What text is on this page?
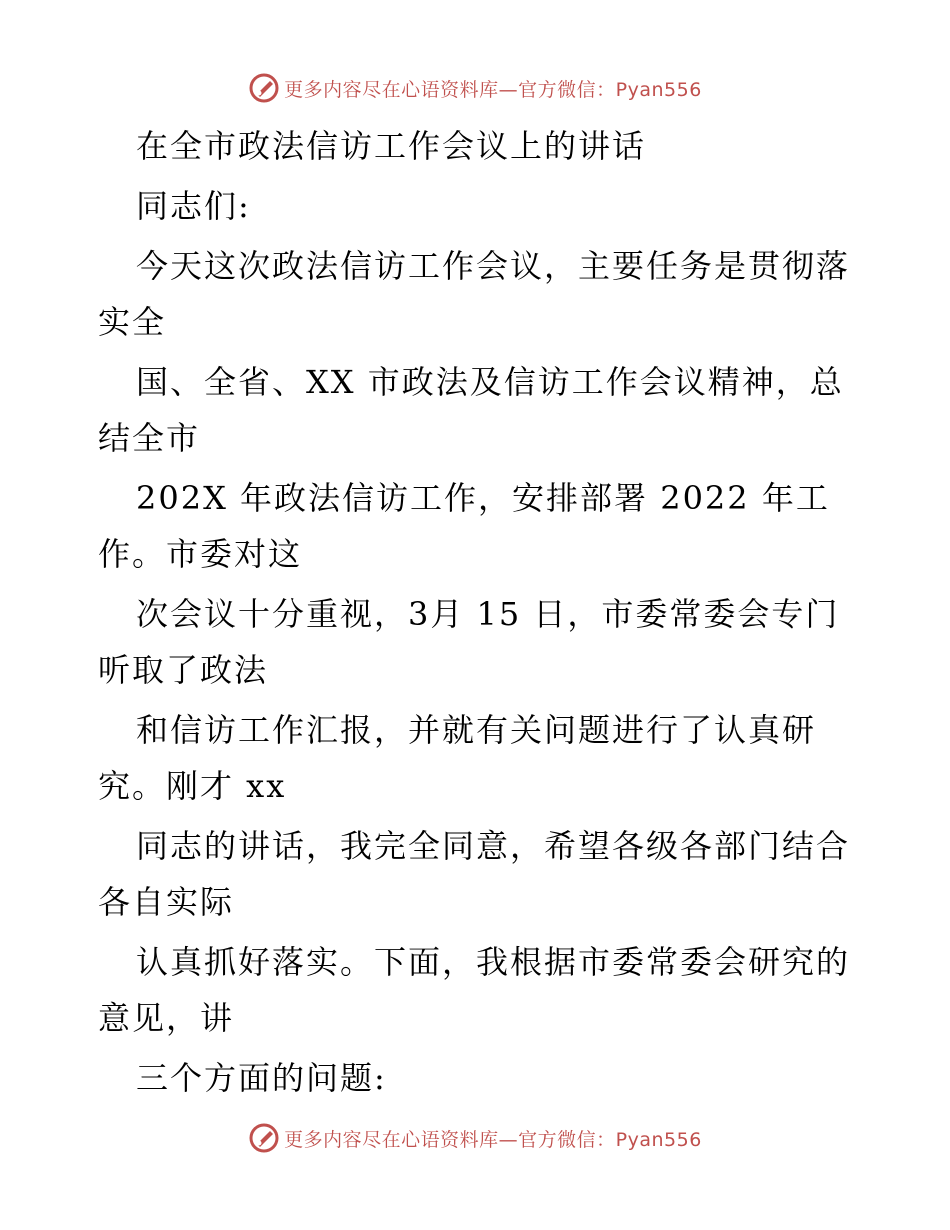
更多内容尽在心语资料库—官方微信：Pyan556
在全市政法信访工作会议上的讲话
同志们:
今天这次政法信访工作会议，主要任务是贯彻落
实全
国、全省、XX 市政法及信访工作会议精神，总
结全市
202X 年政法信访工作，安排部署 2022 年工
作。市委对这
次会议十分重视，3月 15 日，市委常委会专门
听取了政法
和信访工作汇报，并就有关问题进行了认真研
究。刚才 xx
同志的讲话，我完全同意，希望各级各部门结合
各自实际
认真抓好落实。下面，我根据市委常委会研究的
意见，讲
三个方面的问题:
更多内容尽在心语资料库—官方微信：Pyan556
